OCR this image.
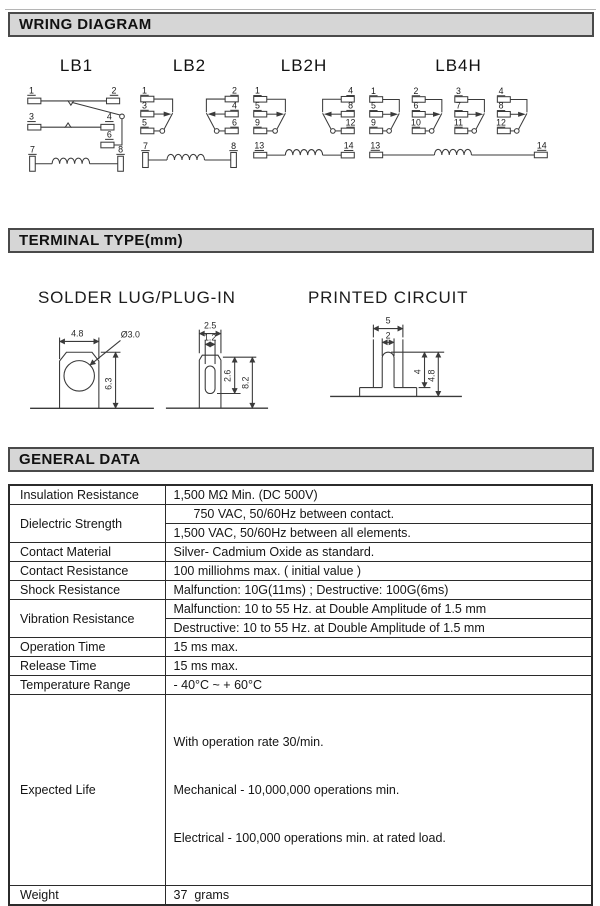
WRING DIAGRAM
LB1
1	2
3	4
6
7	8
LB2
1
3
5
2
4
6
7	8
LB2H
1
5
9
4
8
12
13	14
LB4H
1
5
9
2
6
10
3
7
11
4
8
12
13	14
TERMINAL TYPE(mm)
SOLDER LUG/PLUG-IN	PRINTED CIRCUIT
4.8	Ø3.0
6.3
2.5
1.2
2.6
8.2
5
2
4 4.8
GENERAL DATA
Insulation Resistance	1,500 MΩ Min. (DC 500V)
Dielectric Strength	750 VAC, 50/60Hz between contact.
	1,500 VAC, 50/60Hz between all elements.
Contact Material	Silver- Cadmium Oxide as standard.
Contact Resistance	100 milliohms max. ( initial value )
Shock Resistance	Malfunction: 10G(11ms) ; Destructive: 100G(6ms)
Vibration Resistance	Malfunction: 10 to 55 Hz. at Double Amplitude of 1.5 mm
	Destructive: 10 to 55 Hz. at Double Amplitude of 1.5 mm
Operation Time	15 ms max.
Release Time	15 ms max.
Temperature Range	- 40°C ~ + 60°C
Expected Life	With operation rate 30/min.

Mechanical - 10,000,000 operations min.

Electrical - 100,000 operations min. at rated load.

Weight	37  grams
